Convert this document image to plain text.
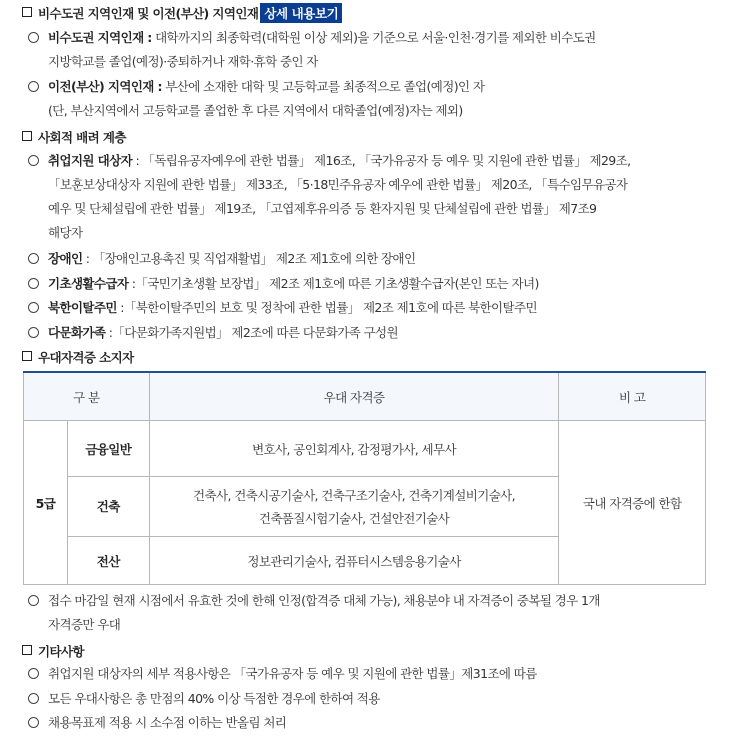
비수도권 지역인재 및 이전(부산) 지역인재 상세 내용보기
비수도권 지역인재 : 대학까지의 최종학력(대학원 이상 제외)을 기준으로 서울·인천·경기를 제외한 비수도권
지방학교를 졸업(예정)·중퇴하거나 재학·휴학 중인 자
이전(부산) 지역인재 : 부산에 소재한 대학 및 고등학교를 최종적으로 졸업(예정)인 자
(단, 부산지역에서 고등학교를 졸업한 후 다른 지역에서 대학졸업(예정)자는 제외)
사회적 배려 계층
취업지원 대상자 : 「독립유공자예우에 관한 법률」 제16조, 「국가유공자 등 예우 및 지원에 관한 법률」 제29조,
「보훈보상대상자 지원에 관한 법률」 제33조, 「5·18민주유공자 예우에 관한 법률」 제20조, 「특수임무유공자
예우 및 단체설립에 관한 법률」 제19조, 「고엽제후유의증 등 환자지원 및 단체설립에 관한 법률」 제7조9
해당자
장애인 : 「장애인고용촉진 및 직업재활법」 제2조 제1호에 의한 장애인
기초생활수급자 :「국민기초생활 보장법」 제2조 제1호에 따른 기초생활수급자(본인 또는 자녀)
북한이탈주민 :「북한이탈주민의 보호 및 정착에 관한 법률」 제2조 제1호에 따른 북한이탈주민
다문화가족 :「다문화가족지원법」 제2조에 따른 다문화가족 구성원
우대자격증 소지자
구 분		우대 자격증	비 고
5급	금융일반	변호사, 공인회계사, 감정평가사, 세무사	국내 자격증에 한함
	건축	건축사, 건축시공기술사, 건축구조기술사, 건축기계설비기술사,
건축품질시험기술사, 건설안전기술사	

	전산	정보관리기술사, 컴퓨터시스템응용기술사	
접수 마감일 현재 시점에서 유효한 것에 한해 인정(합격증 대체 가능), 채용분야 내 자격증이 중복될 경우 1개
자격증만 우대
기타사항
취업지원 대상자의 세부 적용사항은 「국가유공자 등 예우 및 지원에 관한 법률」제31조에 따름
모든 우대사항은 총 만점의 40% 이상 득점한 경우에 한하여 적용
채용목표제 적용 시 소수점 이하는 반올림 처리
